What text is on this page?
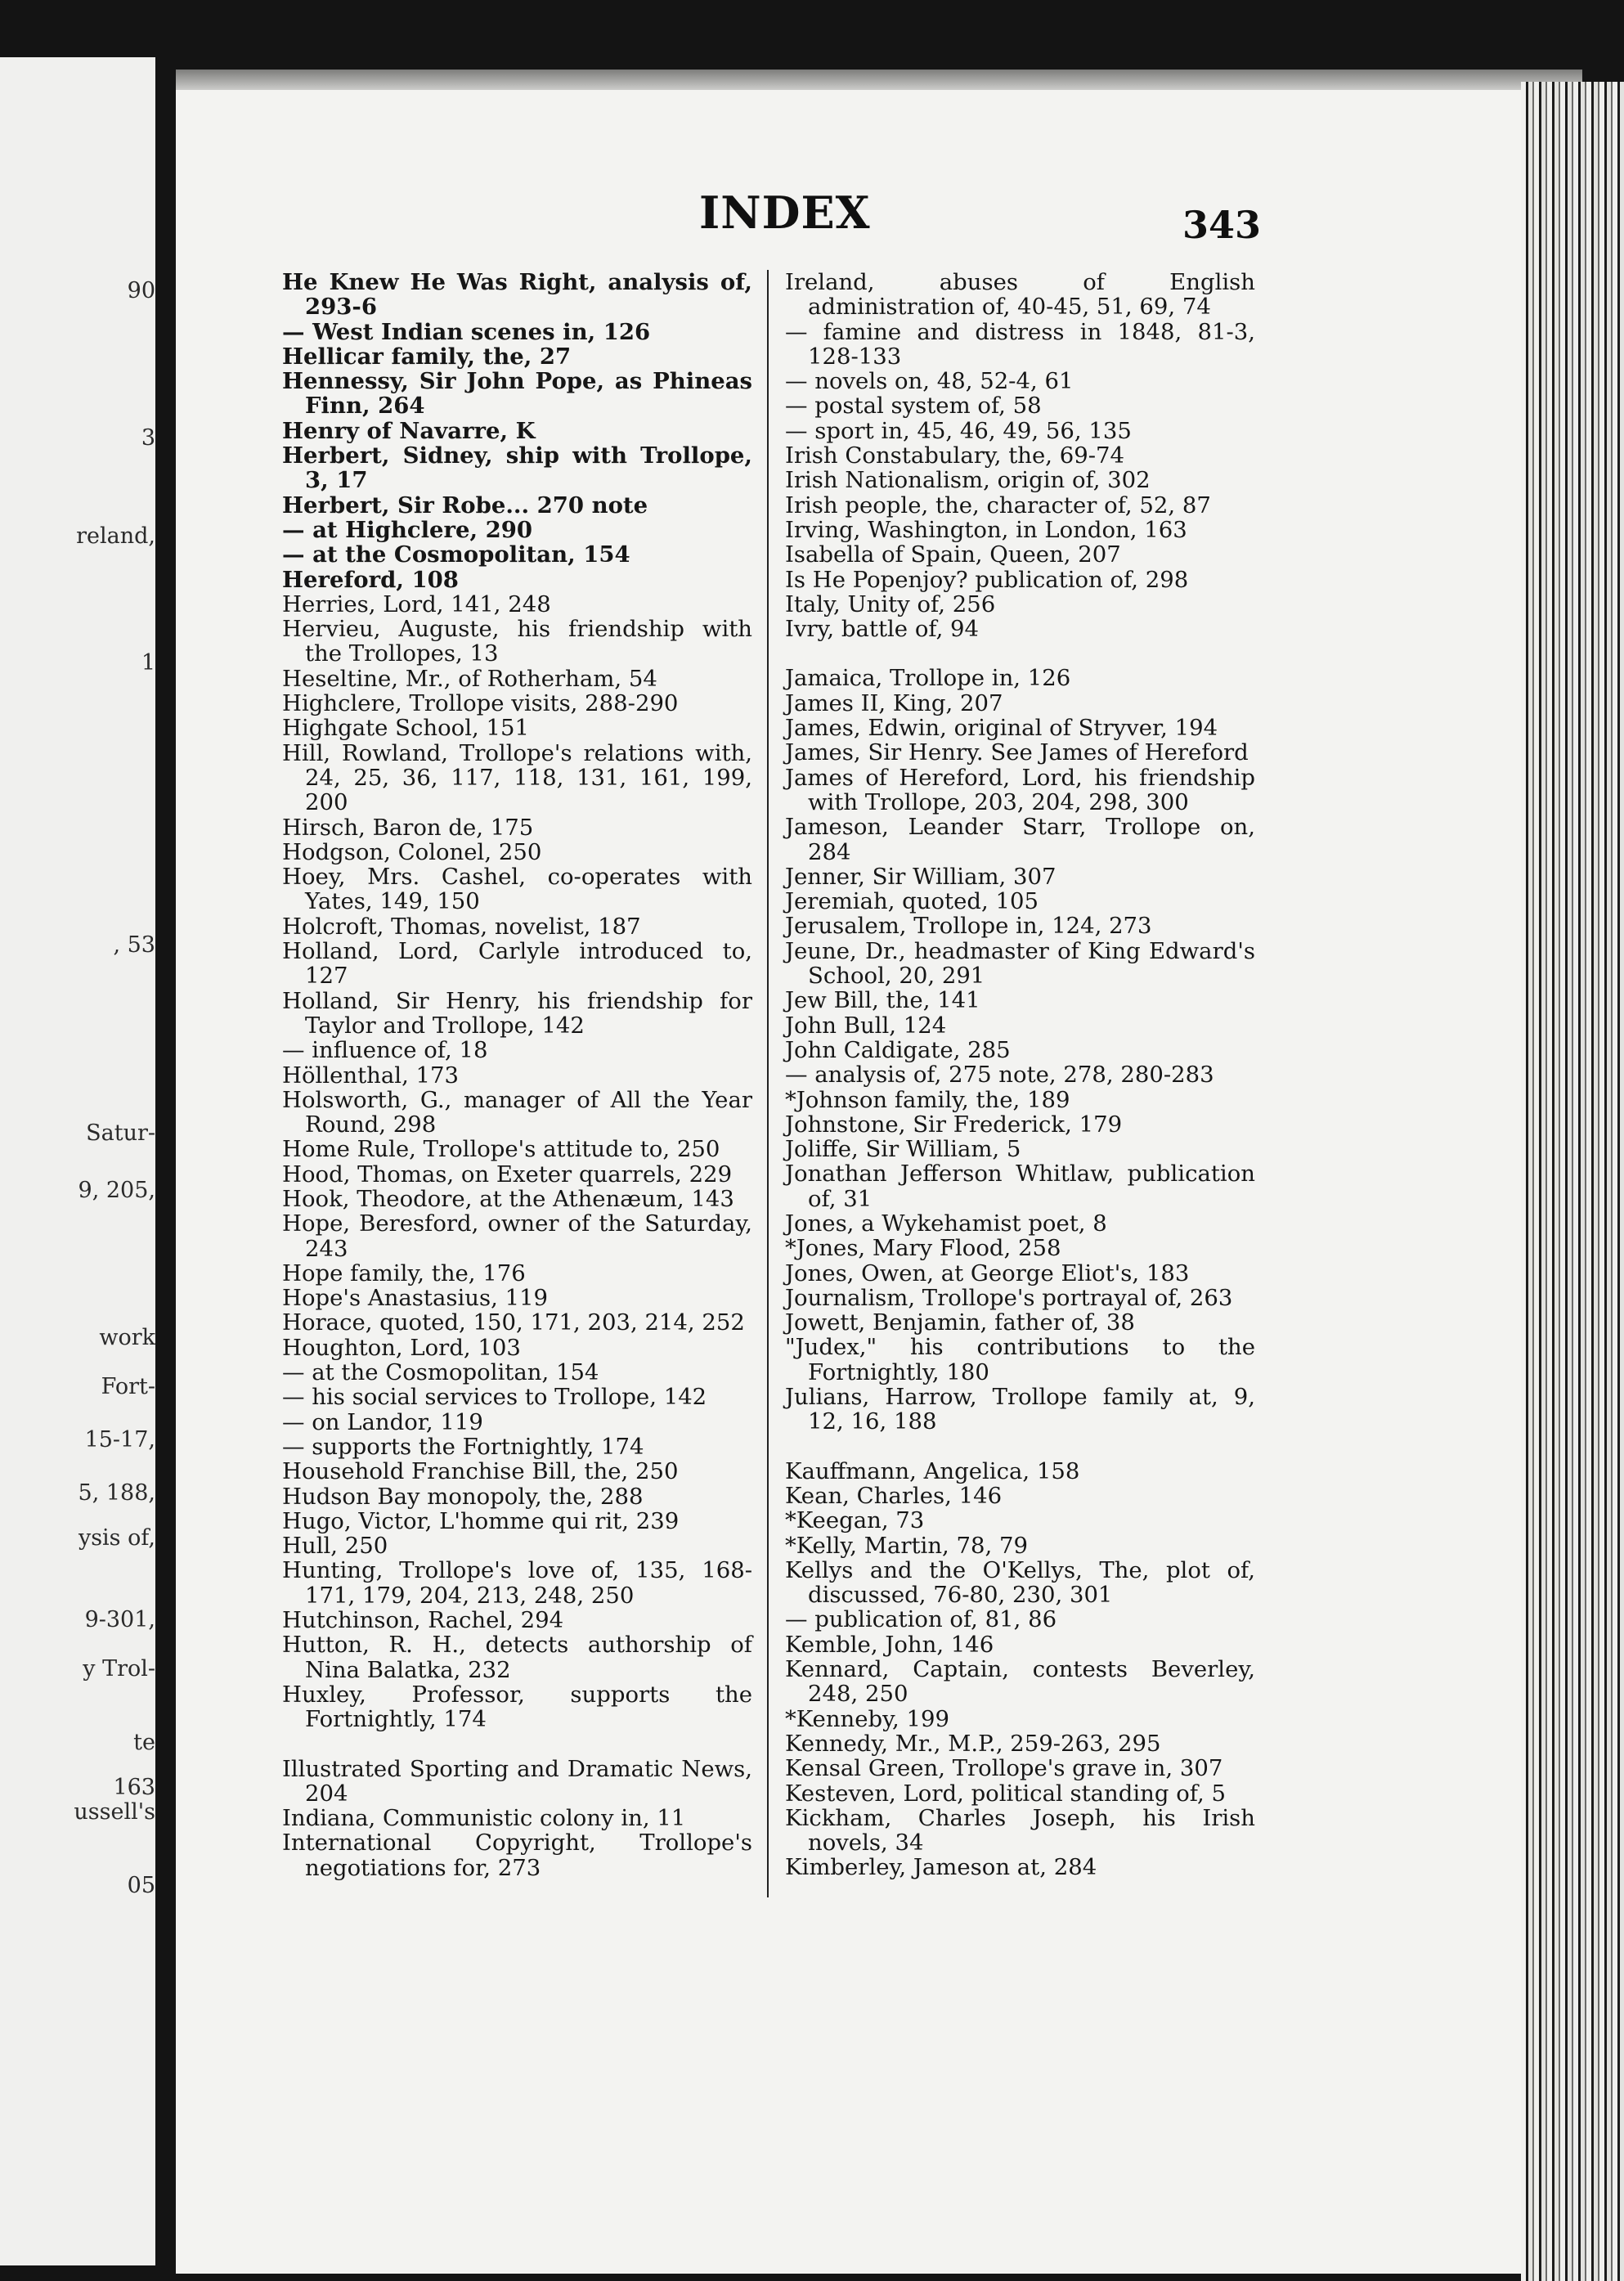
90
3
reland,
1
, 53
Satur-
9, 205,
work
Fort-
15-17,
5, 188,
ysis of,
9-301,
y Trol-
te
163
ussell's
05
INDEX	343
He Knew He Was Right, analysis of, 293-6
— West Indian scenes in, 126
Hellicar family, the, 27
Hennessy, Sir John Pope, as Phineas Finn, 264
Henry of Navarre, K
Herbert, Sidney, ship with Trollope, 3, 17
Herbert, Sir Robe... 270 note
— at Highclere, 290
— at the Cosmopolitan, 154
Hereford, 108
Herries, Lord, 141, 248
Hervieu, Auguste, his friendship with the Trollopes, 13
Heseltine, Mr., of Rotherham, 54
Highclere, Trollope visits, 288-290
Highgate School, 151
Hill, Rowland, Trollope's relations with, 24, 25, 36, 117, 118, 131, 161, 199, 200
Hirsch, Baron de, 175
Hodgson, Colonel, 250
Hoey, Mrs. Cashel, co-operates with Yates, 149, 150
Holcroft, Thomas, novelist, 187
Holland, Lord, Carlyle introduced to, 127
Holland, Sir Henry, his friendship for Taylor and Trollope, 142
— influence of, 18
Höllenthal, 173
Holsworth, G., manager of All the Year Round, 298
Home Rule, Trollope's attitude to, 250
Hood, Thomas, on Exeter quarrels, 229
Hook, Theodore, at the Athenæum, 143
Hope, Beresford, owner of the Saturday, 243
Hope family, the, 176
Hope's Anastasius, 119
Horace, quoted, 150, 171, 203, 214, 252
Houghton, Lord, 103
— at the Cosmopolitan, 154
— his social services to Trollope, 142
— on Landor, 119
— supports the Fortnightly, 174
Household Franchise Bill, the, 250
Hudson Bay monopoly, the, 288
Hugo, Victor, L'homme qui rit, 239
Hull, 250
Hunting, Trollope's love of, 135, 168-171, 179, 204, 213, 248, 250
Hutchinson, Rachel, 294
Hutton, R. H., detects authorship of Nina Balatka, 232
Huxley, Professor, supports the Fortnightly, 174
Illustrated Sporting and Dramatic News, 204
Indiana, Communistic colony in, 11
International Copyright, Trollope's negotiations for, 273
Ireland, abuses of English administration of, 40-45, 51, 69, 74
— famine and distress in 1848, 81-3, 128-133
— novels on, 48, 52-4, 61
— postal system of, 58
— sport in, 45, 46, 49, 56, 135
Irish Constabulary, the, 69-74
Irish Nationalism, origin of, 302
Irish people, the, character of, 52, 87
Irving, Washington, in London, 163
Isabella of Spain, Queen, 207
Is He Popenjoy? publication of, 298
Italy, Unity of, 256
Ivry, battle of, 94
Jamaica, Trollope in, 126
James II, King, 207
James, Edwin, original of Stryver, 194
James, Sir Henry. See James of Hereford
James of Hereford, Lord, his friendship with Trollope, 203, 204, 298, 300
Jameson, Leander Starr, Trollope on, 284
Jenner, Sir William, 307
Jeremiah, quoted, 105
Jerusalem, Trollope in, 124, 273
Jeune, Dr., headmaster of King Edward's School, 20, 291
Jew Bill, the, 141
John Bull, 124
John Caldigate, 285
— analysis of, 275 note, 278, 280-283
*Johnson family, the, 189
Johnstone, Sir Frederick, 179
Joliffe, Sir William, 5
Jonathan Jefferson Whitlaw, publication of, 31
Jones, a Wykehamist poet, 8
*Jones, Mary Flood, 258
Jones, Owen, at George Eliot's, 183
Journalism, Trollope's portrayal of, 263
Jowett, Benjamin, father of, 38
"Judex," his contributions to the Fortnightly, 180
Julians, Harrow, Trollope family at, 9, 12, 16, 188
Kauffmann, Angelica, 158
Kean, Charles, 146
*Keegan, 73
*Kelly, Martin, 78, 79
Kellys and the O'Kellys, The, plot of, discussed, 76-80, 230, 301
— publication of, 81, 86
Kemble, John, 146
Kennard, Captain, contests Beverley, 248, 250
*Kenneby, 199
Kennedy, Mr., M.P., 259-263, 295
Kensal Green, Trollope's grave in, 307
Kesteven, Lord, political standing of, 5
Kickham, Charles Joseph, his Irish novels, 34
Kimberley, Jameson at, 284
